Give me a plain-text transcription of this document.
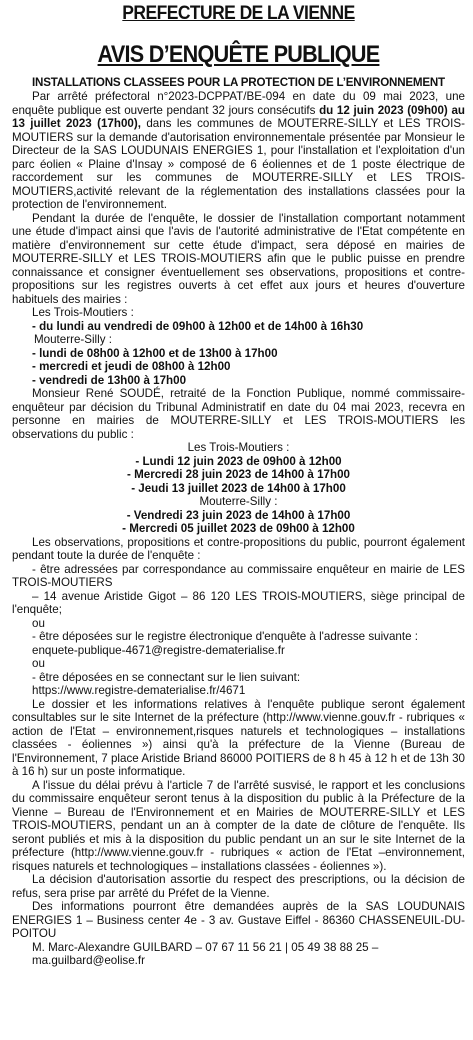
PREFECTURE DE LA VIENNE
AVIS D’ENQUÊTE PUBLIQUE
INSTALLATIONS CLASSEES POUR LA PROTECTION DE L’ENVIRONNEMENT

Par arrêté préfectoral n°2023-DCPPAT/BE-094 en date du 09 mai 2023, une enquête publique est ouverte pendant 32 jours consécutifs du 12 juin 2023 (09h00) au 13 juillet 2023 (17h00), dans les communes de MOUTERRE-SILLY et LES TROIS-MOUTIERS sur la demande d'autorisation environnementale présentée par Monsieur le Directeur de la SAS LOUDUNAIS ENERGIES 1, pour l'installation et l'exploitation d'un parc éolien « Plaine d'Insay » composé de 6 éoliennes et de 1 poste électrique de raccordement sur les communes de MOUTERRE-SILLY et LES TROIS-MOUTIERS,activité relevant de la réglementation des installations classées pour la protection de l'environnement.

Pendant la durée de l'enquête, le dossier de l'installation comportant notamment une étude d'impact ainsi que l'avis de l'autorité administrative de l'Etat compétente en matière d'environnement sur cette étude d'impact, sera déposé en mairies de MOUTERRE-SILLY et LES TROIS-MOUTIERS afin que le public puisse en prendre connaissance et consigner éventuellement ses observations, propositions et contre-propositions sur les registres ouverts à cet effet aux jours et heures d'ouverture habituels des mairies :

Les Trois-Moutiers :
- du lundi au vendredi de 09h00 à 12h00 et de 14h00 à 16h30
Mouterre-Silly :
- lundi de 08h00 à 12h00 et de 13h00 à 17h00
- mercredi et jeudi de 08h00 à 12h00
- vendredi de 13h00 à 17h00

Monsieur René SOUDÉ, retraité de la Fonction Publique, nommé commissaire-enquêteur par décision du Tribunal Administratif en date du 04 mai 2023, recevra en personne en mairies de MOUTERRE-SILLY et LES TROIS-MOUTIERS les observations du public :

Les Trois-Moutiers :
- Lundi 12 juin 2023 de 09h00 à 12h00
- Mercredi 28 juin 2023 de 14h00 à 17h00
- Jeudi 13 juillet 2023 de 14h00 à 17h00
Mouterre-Silly :
- Vendredi 23 juin 2023 de 14h00 à 17h00
- Mercredi 05 juillet 2023 de 09h00 à 12h00

Les observations, propositions et contre-propositions du public, pourront également pendant toute la durée de l'enquête :

- être adressées par correspondance au commissaire enquêteur en mairie de LES TROIS-MOUTIERS

– 14 avenue Aristide Gigot – 86 120 LES TROIS-MOUTIERS, siège principal de l'enquête;

ou

- être déposées sur le registre électronique d'enquête à l'adresse suivante :

enquete-publique-4671@registre-dematerialise.fr

ou

- être déposées en se connectant sur le lien suivant:

https://www.registre-dematerialise.fr/4671

Le dossier et les informations relatives à l'enquête publique seront également consultables sur le site Internet de la préfecture (http://www.vienne.gouv.fr - rubriques « action de l'Etat – environnement,risques naturels et technologiques – installations classées - éoliennes ») ainsi qu'à la préfecture de la Vienne (Bureau de l'Environnement, 7 place Aristide Briand 86000 POITIERS de 8 h 45 à 12 h et de 13h 30 à 16 h) sur un poste informatique.

A l'issue du délai prévu à l'article 7 de l'arrêté susvisé, le rapport et les conclusions du commissaire enquêteur seront tenus à la disposition du public à la Préfecture de la Vienne – Bureau de l'Environnement et en Mairies de MOUTERRE-SILLY et LES TROIS-MOUTIERS, pendant un an à compter de la date de clôture de l'enquête. Ils seront publiés et mis à la disposition du public pendant un an sur le site Internet de la préfecture (http://www.vienne.gouv.fr - rubriques « action de l'Etat –environnement, risques naturels et technologiques – installations classées - éoliennes »).

La décision d'autorisation assortie du respect des prescriptions, ou la décision de refus, sera prise par arrêté du Préfet de la Vienne.

Des informations pourront être demandées auprès de la SAS LOUDUNAIS ENERGIES 1 – Business center 4e - 3 av. Gustave Eiffel - 86360 CHASSENEUIL-DU-POITOU

M. Marc-Alexandre GUILBARD – 07 67 11 56 21 | 05 49 38 88 25 –

ma.guilbard@eolise.fr
